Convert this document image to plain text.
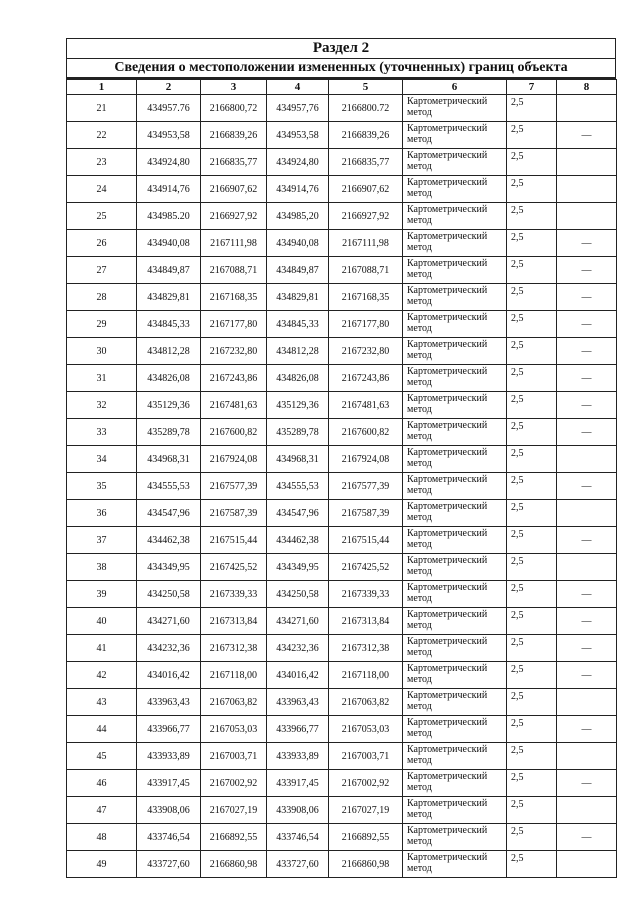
Раздел 2
Сведения о местоположении измененных (уточненных) границ объекта
1	2	3	4	5	6	7	8
21	434957.76	2166800,72	434957,76	2166800.72	Картометрический метод	2,5	
22	434953,58	2166839,26	434953,58	2166839,26	Картометрический метод	2,5	—
23	434924,80	2166835,77	434924,80	2166835,77	Картометрический метод	2,5	
24	434914,76	2166907,62	434914,76	2166907,62	Картометрический метод	2,5	
25	434985.20	2166927,92	434985,20	2166927,92	Картометрический метод	2,5	
26	434940,08	2167111,98	434940,08	2167111,98	Картометрический метод	2,5	—
27	434849,87	2167088,71	434849,87	2167088,71	Картометрический метод	2,5	—
28	434829,81	2167168,35	434829,81	2167168,35	Картометрический метод	2,5	—
29	434845,33	2167177,80	434845,33	2167177,80	Картометрический метод	2,5	—
30	434812,28	2167232,80	434812,28	2167232,80	Картометрический метод	2,5	—
31	434826,08	2167243,86	434826,08	2167243,86	Картометрический метод	2,5	—
32	435129,36	2167481,63	435129,36	2167481,63	Картометрический метод	2,5	—
33	435289,78	2167600,82	435289,78	2167600,82	Картометрический метод	2,5	—
34	434968,31	2167924,08	434968,31	2167924,08	Картометрический метод	2,5	
35	434555,53	2167577,39	434555,53	2167577,39	Картометрический метод	2,5	—
36	434547,96	2167587,39	434547,96	2167587,39	Картометрический метод	2,5	
37	434462,38	2167515,44	434462,38	2167515,44	Картометрический метод	2,5	—
38	434349,95	2167425,52	434349,95	2167425,52	Картометрический метод	2,5	
39	434250,58	2167339,33	434250,58	2167339,33	Картометрический метод	2,5	—
40	434271,60	2167313,84	434271,60	2167313,84	Картометрический метод	2,5	—
41	434232,36	2167312,38	434232,36	2167312,38	Картометрический метод	2,5	—
42	434016,42	2167118,00	434016,42	2167118,00	Картометрический метод	2,5	—
43	433963,43	2167063,82	433963,43	2167063,82	Картометрический метод	2,5	
44	433966,77	2167053,03	433966,77	2167053,03	Картометрический метод	2,5	—
45	433933,89	2167003,71	433933,89	2167003,71	Картометрический метод	2,5	
46	433917,45	2167002,92	433917,45	2167002,92	Картометрический метод	2,5	—
47	433908,06	2167027,19	433908,06	2167027,19	Картометрический метод	2,5	
48	433746,54	2166892,55	433746,54	2166892,55	Картометрический метод	2,5	—
49	433727,60	2166860,98	433727,60	2166860,98	Картометрический метод	2,5	
